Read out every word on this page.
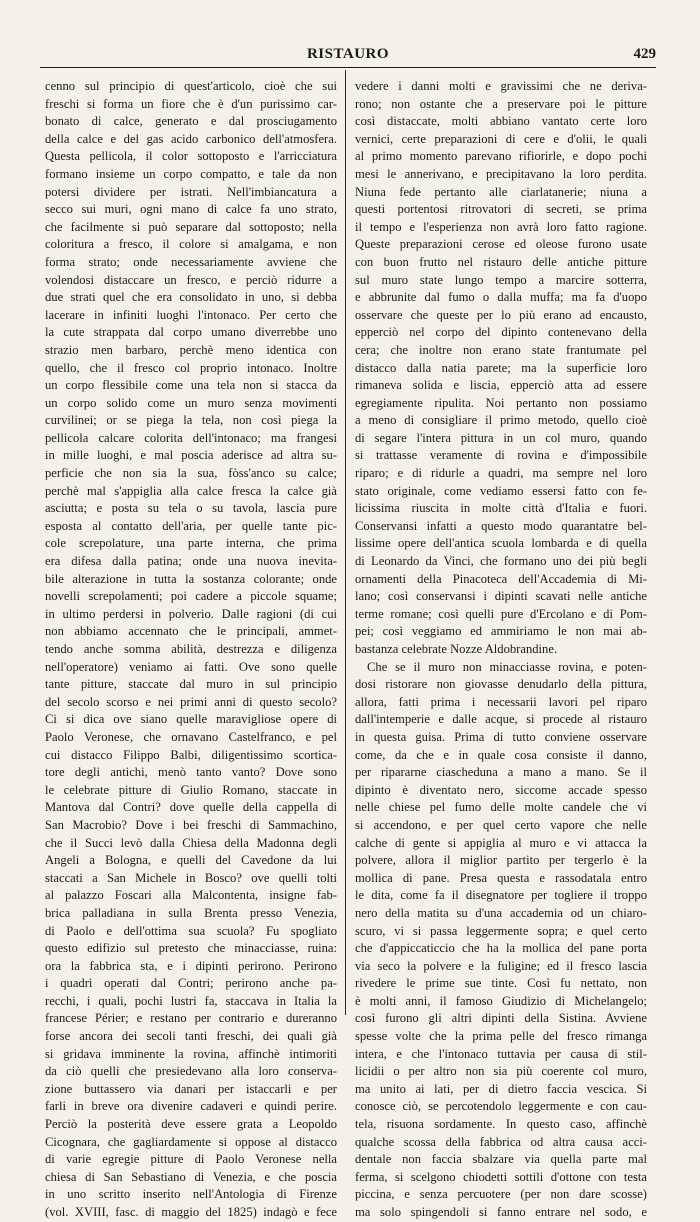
RISTAURO	429
cenno sul principio di quest'articolo, cioè che sui
freschi si forma un fiore che è d'un purissimo car-
bonato di calce, generato e dal prosciugamento
della calce e del gas acido carbonico dell'atmosfera.
Questa pellicola, il color sottoposto e l'arricciatura
formano insieme un corpo compatto, e tale da non
potersi dividere per istrati. Nell'imbiancatura a
secco sui muri, ogni mano di calce fa uno strato,
che facilmente si può separare dal sottoposto; nella
coloritura a fresco, il colore si amalgama, e non
forma strato; onde necessariamente avviene che
volendosi distaccare un fresco, e perciò ridurre a
due strati quel che era consolidato in uno, si debba
lacerare in infiniti luoghi l'intonaco. Per certo che
la cute strappata dal corpo umano diverrebbe uno
strazio men barbaro, perchè meno identica con
quello, che il fresco col proprio intonaco. Inoltre
un corpo flessibile come una tela non si stacca da
un corpo solido come un muro senza movimenti
curvilinei; or se piega la tela, non così piega la
pellicola calcare colorita dell'intonaco; ma frangesi
in mille luoghi, e mal poscia aderisce ad altra su-
perficie che non sia la sua, fòss'anco su calce;
perchè mal s'appiglia alla calce fresca la calce già
asciutta; e posta su tela o su tavola, lascia pure
esposta al contatto dell'aria, per quelle tante pic-
cole screpolature, una parte interna, che prima
era difesa dalla patina; onde una nuova inevita-
bile alterazione in tutta la sostanza colorante; onde
novelli screpolamenti; poi cadere a piccole squame;
in ultimo perdersi in polverio. Dalle ragioni (di cui
non abbiamo accennato che le principali, ammet-
tendo anche somma abilità, destrezza e diligenza
nell'operatore) veniamo ai fatti. Ove sono quelle
tante pitture, staccate dal muro in sul principio
del secolo scorso e nei primi anni di questo secolo?
Ci si dica ove siano quelle maravigliose opere di
Paolo Veronese, che ornavano Castelfranco, e pel
cui distacco Filippo Balbi, diligentissimo scortica-
tore degli antichi, menò tanto vanto? Dove sono
le celebrate pitture di Giulio Romano, staccate in
Mantova dal Contri? dove quelle della cappella di
San Macrobio? Dove i bei freschi di Sammachino,
che il Succi levò dalla Chiesa della Madonna degli
Angeli a Bologna, e quelli del Cavedone da lui
staccati a San Michele in Bosco? ove quelli tolti
al palazzo Foscari alla Malcontenta, insigne fab-
brica palladiana in sulla Brenta presso Venezia,
di Paolo e dell'ottima sua scuola? Fu spogliato
questo edifizio sul pretesto che minacciasse, ruina:
ora la fabbrica sta, e i dipinti perirono. Perirono
i quadri operati dal Contri; perirono anche pa-
recchi, i quali, pochi lustri fa, staccava in Italia la
francese Périer; e restano per contrario e dureranno
forse ancora dei secoli tanti freschi, dei quali già
si gridava imminente la rovina, affinchè intimoriti
da ciò quelli che presiedevano alla loro conserva-
zione buttassero via danari per istaccarli e per
farli in breve ora divenire cadaveri e quindi perire.
Perciò la posterità deve essere grata a Leopoldo
Cicognara, che gagliardamente si oppose al distacco
di varie egregie pitture di Paolo Veronese nella
chiesa di San Sebastiano di Venezia, e che poscia
in uno scritto inserito nell'Antologia di Firenze
(vol. XVIII, fasc. di maggio del 1825) indagò e fece
vedere i danni molti e gravissimi che ne deriva-
rono; non ostante che a preservare poi le pitture
così distaccate, molti abbiano vantato certe loro
vernici, certe preparazioni di cere e d'olii, le quali
al primo momento parevano rifiorirle, e dopo pochi
mesi le annerivano, e precipitavano la loro perdita.
Niuna fede pertanto alle ciarlatanerie; niuna a
questi portentosi ritrovatori di secreti, se prima
il tempo e l'esperienza non avrà loro fatto ragione.
Queste preparazioni cerose ed oleose furono usate
con buon frutto nel ristauro delle antiche pitture
sul muro state lungo tempo a marcire sotterra,
e abbrunite dal fumo o dalla muffa; ma fa d'uopo
osservare che queste per lo più erano ad encausto,
epperciò nel corpo del dipinto contenevano della
cera; che inoltre non erano state frantumate pel
distacco dalla natia parete; ma la superficie loro
rimaneva solida e liscia, epperciò atta ad essere
egregiamente ripulita. Noi pertanto non possiamo
a meno di consigliare il primo metodo, quello cioè
di segare l'intera pittura in un col muro, quando
si trattasse veramente di rovina e d'impossibile
riparo; e di ridurle a quadri, ma sempre nel loro
stato originale, come vediamo essersi fatto con fe-
licissima riuscita in molte città d'Italia e fuori.
Conservansi infatti a questo modo quarantatre bel-
lissime opere dell'antica scuola lombarda e di quella
di Leonardo da Vinci, che formano uno dei più begli
ornamenti della Pinacoteca dell'Accademia di Mi-
lano; così conservansi i dipinti scavati nelle antiche
terme romane; così quelli pure d'Ercolano e di Pom-
pei; così veggiamo ed ammiriamo le non mai ab-
bastanza celebrate Nozze Aldobrandine.
Che se il muro non minacciasse rovina, e poten-
dosi ristorare non giovasse denudarlo della pittura,
allora, fatti prima i necessarii lavori pel riparo
dall'intemperie e dalle acque, si procede al ristauro
in questa guisa. Prima di tutto conviene osservare
come, da che e in quale cosa consiste il danno,
per ripararne ciascheduna a mano a mano. Se il
dipinto è diventato nero, siccome accade spesso
nelle chiese pel fumo delle molte candele che vi
si accendono, e per quel certo vapore che nelle
calche di gente si appiglia al muro e vi attacca la
polvere, allora il miglior partito per tergerlo è la
mollica di pane. Presa questa e rassodatala entro
le dita, come fa il disegnatore per togliere il troppo
nero della matita su d'una accademia od un chiaro-
scuro, vi si passa leggermente sopra; e quel certo
che d'appiccaticcio che ha la mollica del pane porta
via seco la polvere e la fuligine; ed il fresco lascia
rivedere le prime sue tinte. Così fu nettato, non
è molti anni, il famoso Giudizio di Michelangelo;
così furono gli altri dipinti della Sistina. Avviene
spesse volte che la prima pelle del fresco rimanga
intera, e che l'intonaco tuttavia per causa di stil-
licidii o per altro non sia più coerente col muro,
ma unito ai lati, per di dietro faccia vescica. Si
conosce ciò, se percotendolo leggermente e con cau-
tela, risuona sordamente. In questo caso, affinchè
qualche scossa della fabbrica od altra causa acci-
dentale non faccia sbalzare via quella parte mal
ferma, si scelgono chiodetti sottili d'ottone con testa
piccina, e senza percuotere (per non dare scosse)
ma solo spingendoli si fanno entrare nel sodo, e
